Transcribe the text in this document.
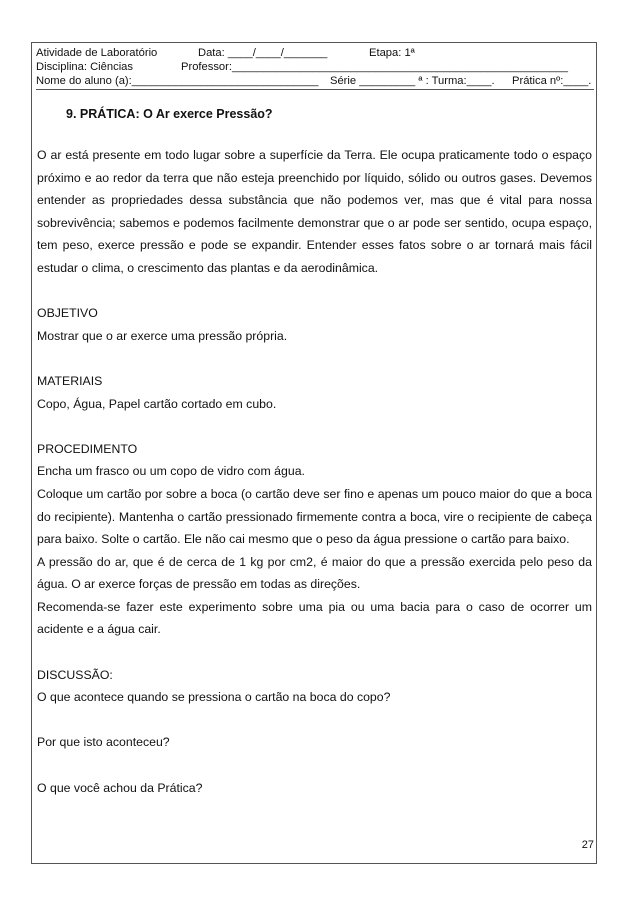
Atividade de Laboratório	Data: ____/____/_______	Etapa: 1ª
Disciplina: Ciências	Professor:______________________________________________________
Nome do aluno (a):______________________________ Série _________ ª : Turma:____. Prática nº:____.
9. PRÁTICA: O Ar exerce Pressão?

O ar está presente em todo lugar sobre a superfície da Terra. Ele ocupa praticamente todo o espaço próximo e ao redor da terra que não esteja preenchido por líquido, sólido ou outros gases. Devemos entender as propriedades dessa substância que não podemos ver, mas que é vital para nossa sobrevivência; sabemos e podemos facilmente demonstrar que o ar pode ser sentido, ocupa espaço, tem peso, exerce pressão e pode se expandir. Entender esses fatos sobre o ar tornará mais fácil estudar o clima, o crescimento das plantas e da aerodinâmica.

OBJETIVO

Mostrar que o ar exerce uma pressão própria.

MATERIAIS

Copo, Água, Papel cartão cortado em cubo.

PROCEDIMENTO

Encha um frasco ou um copo de vidro com água.

Coloque um cartão por sobre a boca (o cartão deve ser fino e apenas um pouco maior do que a boca do recipiente). Mantenha o cartão pressionado firmemente contra a boca, vire o recipiente de cabeça para baixo. Solte o cartão. Ele não cai mesmo que o peso da água pressione o cartão para baixo.

A pressão do ar, que é de cerca de 1 kg por cm2, é maior do que a pressão exercida pelo peso da água. O ar exerce forças de pressão em todas as direções.

Recomenda-se fazer este experimento sobre uma pia ou uma bacia para o caso de ocorrer um acidente e a água cair.

DISCUSSÃO:

O que acontece quando se pressiona o cartão na boca do copo?

Por que isto aconteceu?

O que você achou da Prática?

27
